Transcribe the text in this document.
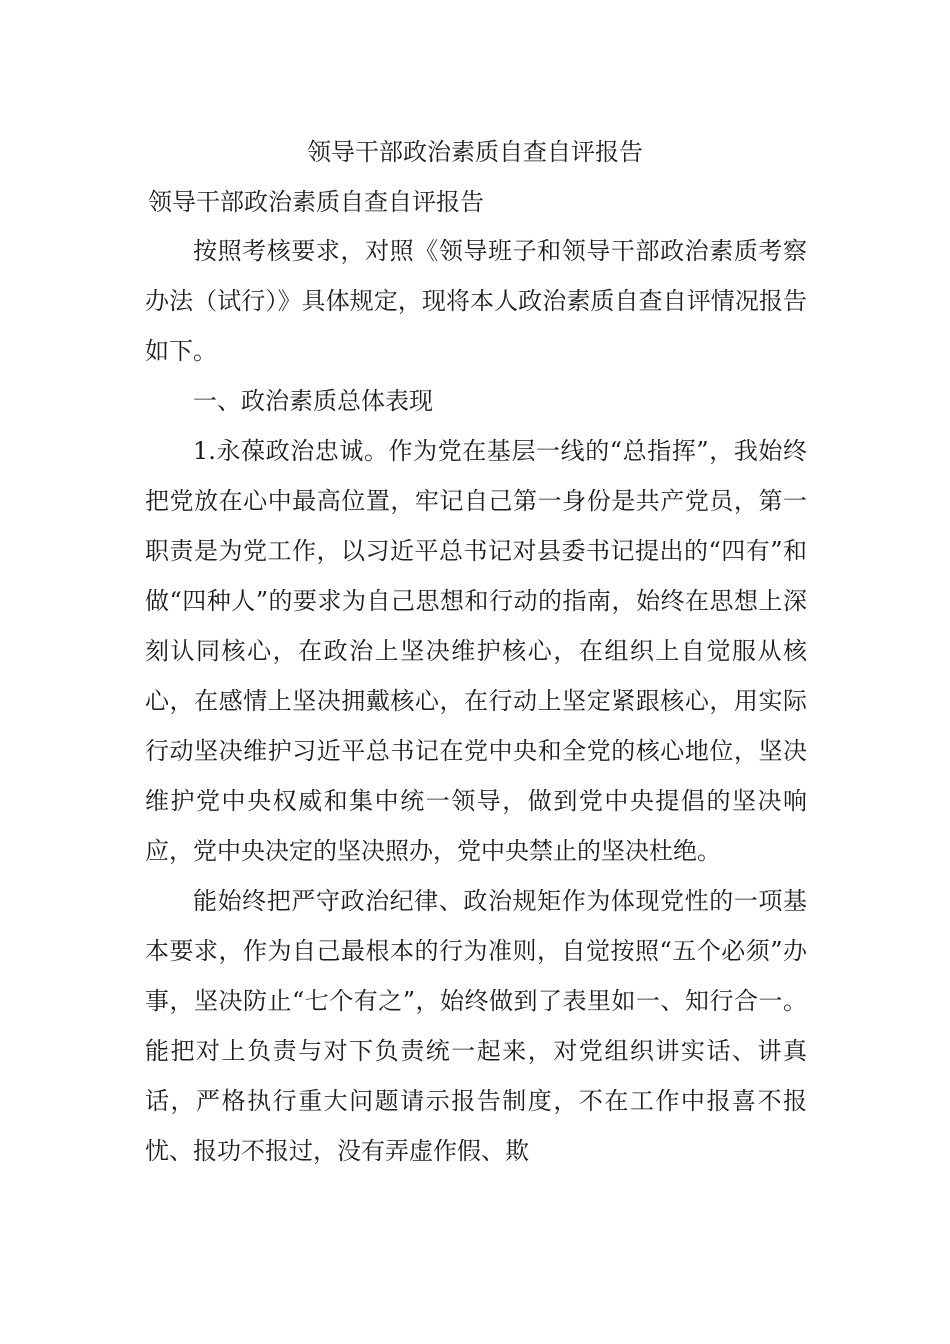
领导干部政治素质自查自评报告
领导干部政治素质自查自评报告

按照考核要求，对照《领导班子和领导干部政治素质考察办法（试行）》具体规定，现将本人政治素质自查自评情况报告如下。

一、政治素质总体表现

1.永葆政治忠诚。作为党在基层一线的“总指挥”，我始终把党放在心中最高位置，牢记自己第一身份是共产党员，第一职责是为党工作，以习近平总书记对县委书记提出的“四有”和做“四种人”的要求为自己思想和行动的指南，始终在思想上深刻认同核心，在政治上坚决维护核心，在组织上自觉服从核心，在感情上坚决拥戴核心，在行动上坚定紧跟核心，用实际行动坚决维护习近平总书记在党中央和全党的核心地位，坚决维护党中央权威和集中统一领导，做到党中央提倡的坚决响应，党中央决定的坚决照办，党中央禁止的坚决杜绝。

能始终把严守政治纪律、政治规矩作为体现党性的一项基本要求，作为自己最根本的行为准则，自觉按照“五个必须”办事，坚决防止“七个有之”，始终做到了表里如一、知行合一。能把对上负责与对下负责统一起来，对党组织讲实话、讲真话，严格执行重大问题请示报告制度，不在工作中报喜不报忧、报功不报过，没有弄虚作假、欺
